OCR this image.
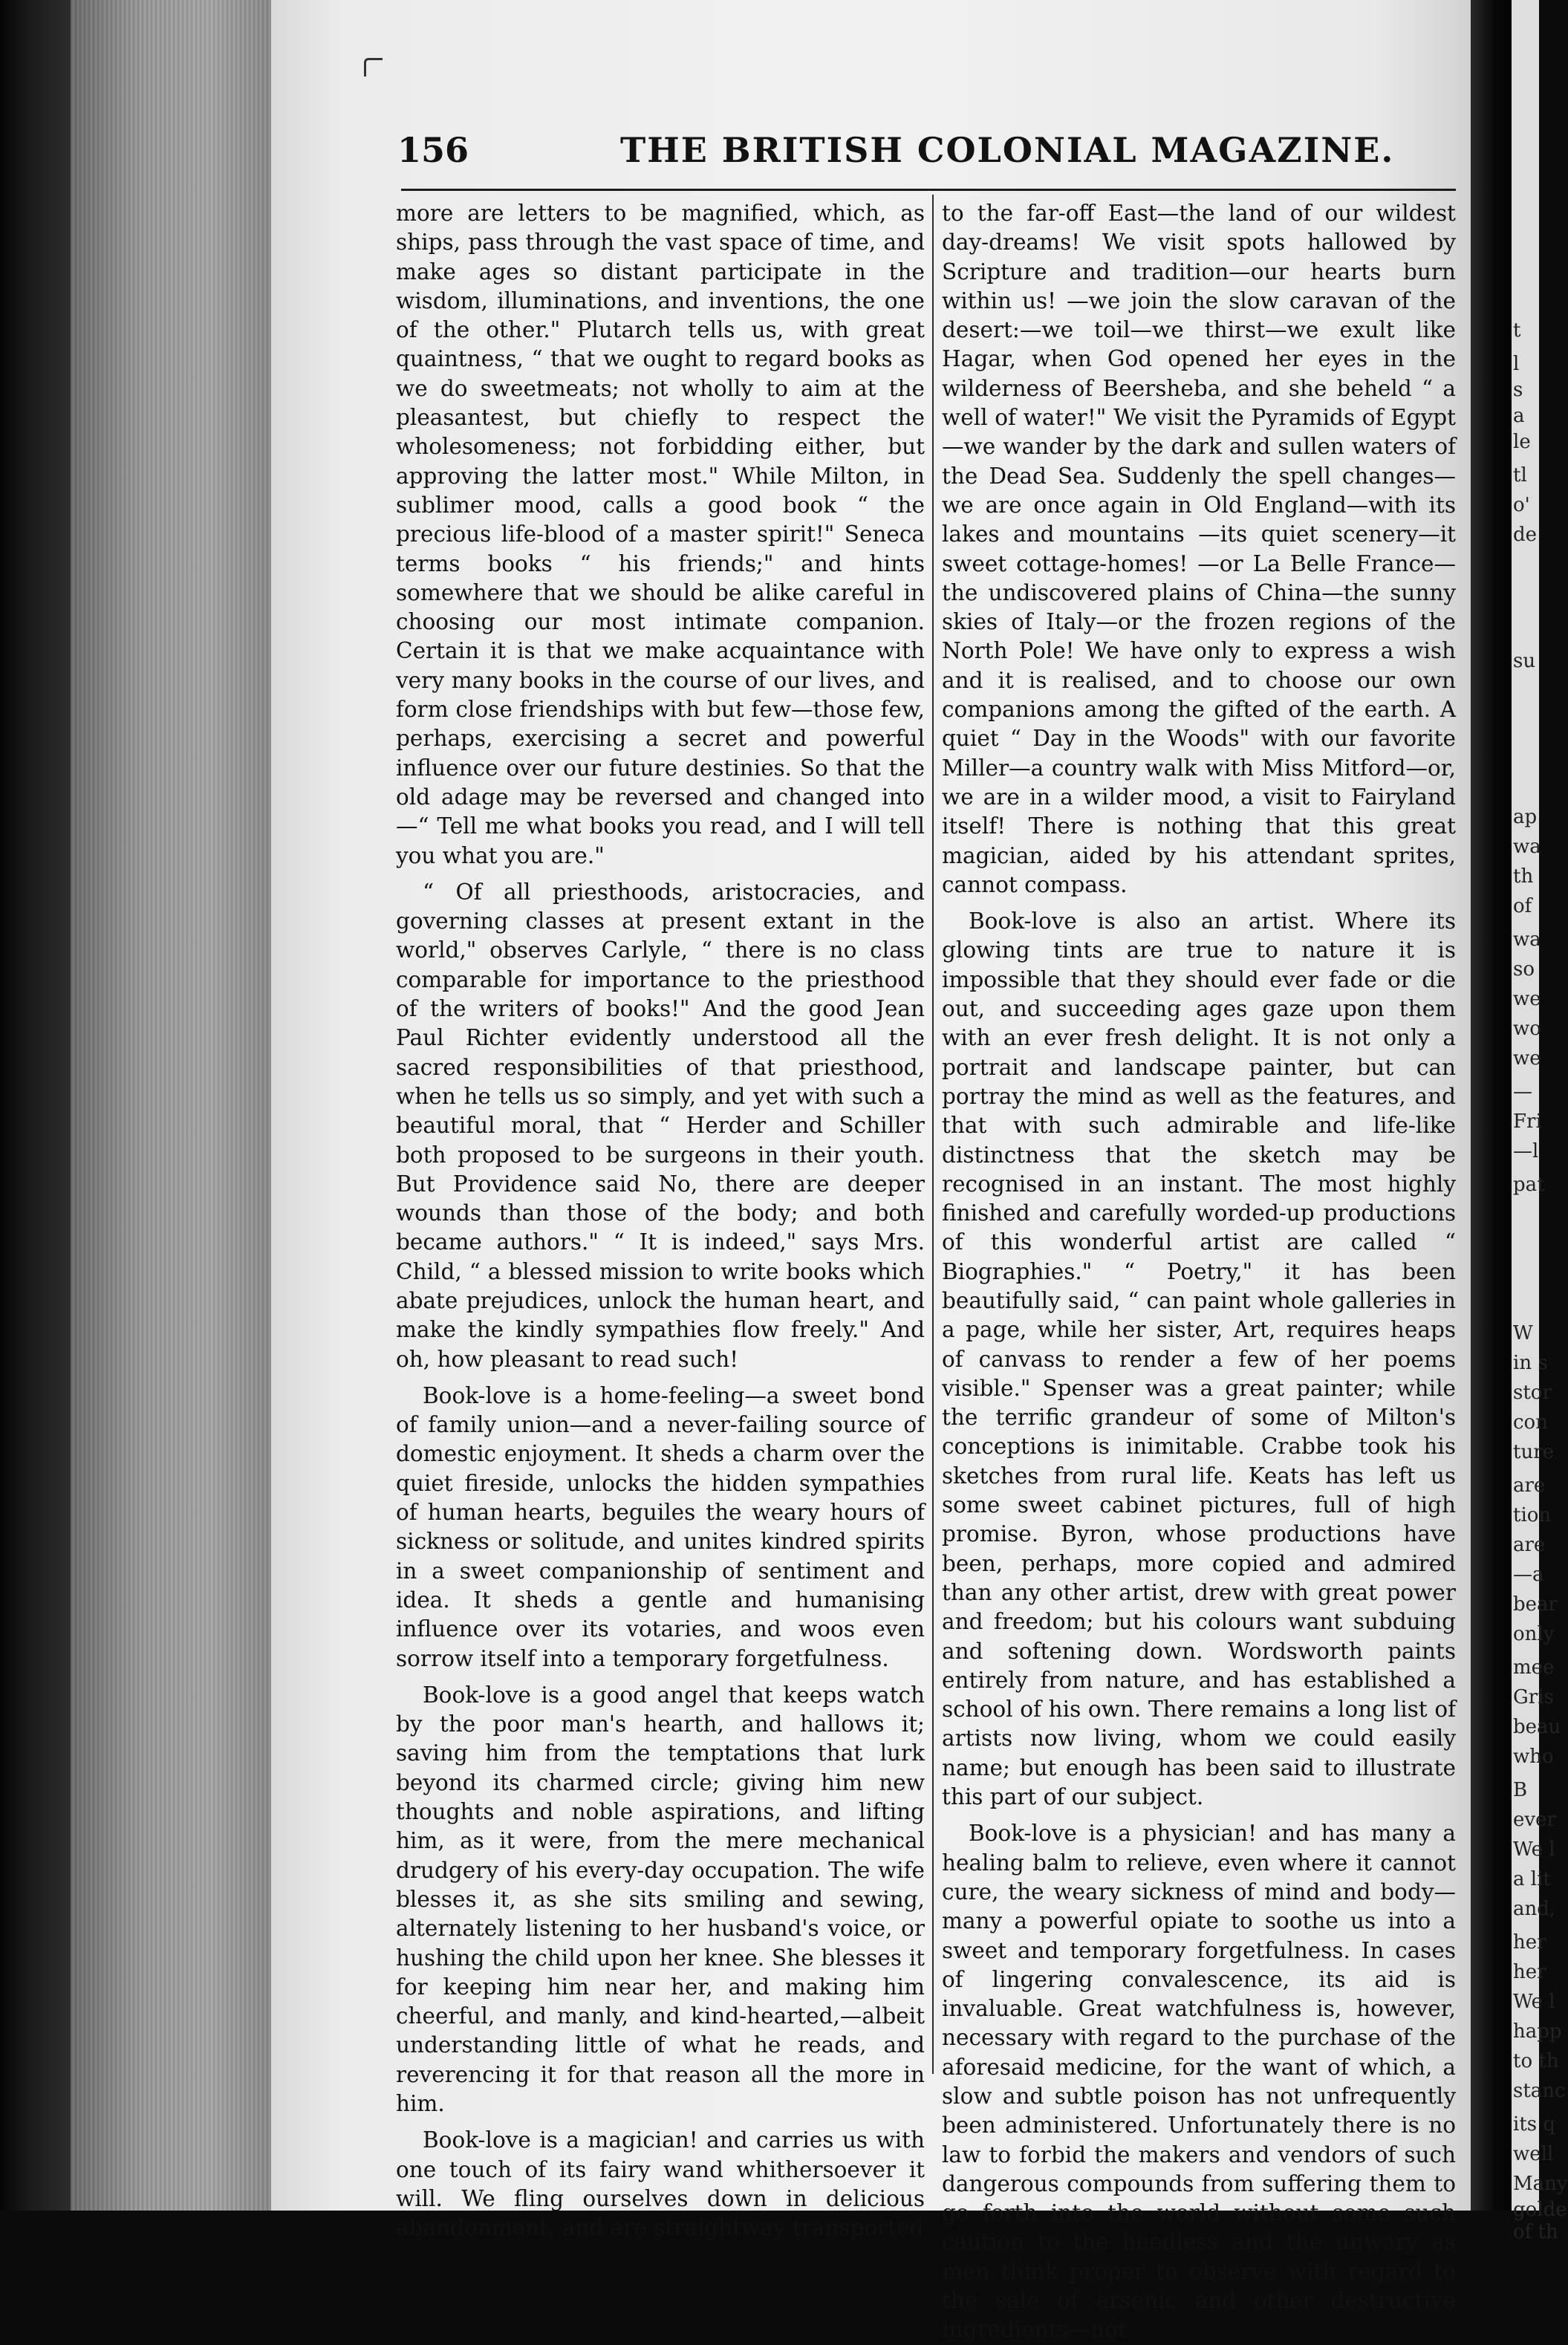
156	THE BRITISH COLONIAL MAGAZINE.

more are letters to be magnified, which, as ships, pass through the vast space of time, and make ages so distant participate in the wisdom, illuminations, and inventions, the one of the other." Plutarch tells us, with great quaintness, “ that we ought to regard books as we do sweetmeats; not wholly to aim at the pleasantest, but chiefly to respect the wholesomeness; not forbidding either, but approving the latter most." While Milton, in sublimer mood, calls a good book “ the precious life-blood of a master spirit!" Seneca terms books “ his friends;" and hints somewhere that we should be alike careful in choosing our most intimate companion. Certain it is that we make acquaintance with very many books in the course of our lives, and form close friendships with but few—those few, perhaps, exercising a secret and powerful influence over our future destinies. So that the old adage may be reversed and changed into—“ Tell me what books you read, and I will tell you what you are."

“ Of all priesthoods, aristocracies, and governing classes at present extant in the world," observes Carlyle, “ there is no class comparable for importance to the priesthood of the writers of books!" And the good Jean Paul Richter evidently understood all the sacred responsibilities of that priesthood, when he tells us so simply, and yet with such a beautiful moral, that “ Herder and Schiller both proposed to be surgeons in their youth. But Providence said No, there are deeper wounds than those of the body; and both became authors." “ It is indeed," says Mrs. Child, “ a blessed mission to write books which abate prejudices, unlock the human heart, and make the kindly sympathies flow freely." And oh, how pleasant to read such!

Book-love is a home-feeling—a sweet bond of family union—and a never-failing source of domestic enjoyment. It sheds a charm over the quiet fireside, unlocks the hidden sympathies of human hearts, beguiles the weary hours of sickness or solitude, and unites kindred spirits in a sweet companionship of sentiment and idea. It sheds a gentle and humanising influence over its votaries, and woos even sorrow itself into a temporary forgetfulness.

Book-love is a good angel that keeps watch by the poor man's hearth, and hallows it; saving him from the temptations that lurk beyond its charmed circle; giving him new thoughts and noble aspirations, and lifting him, as it were, from the mere mechanical drudgery of his every-day occupation. The wife blesses it, as she sits smiling and sewing, alternately listening to her husband's voice, or hushing the child upon her knee. She blesses it for keeping him near her, and making him cheerful, and manly, and kind-hearted,—albeit understanding little of what he reads, and reverencing it for that reason all the more in him.

Book-love is a magician! and carries us with one touch of its fairy wand whithersoever it will. We fling ourselves down in delicious abandonment, and are straightway transported

to the far-off East—the land of our wildest day-dreams! We visit spots hallowed by Scripture and tradition—our hearts burn within us! —we join the slow caravan of the desert:—we toil—we thirst—we exult like Hagar, when God opened her eyes in the wilderness of Beersheba, and she beheld “ a well of water!" We visit the Pyramids of Egypt—we wander by the dark and sullen waters of the Dead Sea. Suddenly the spell changes—we are once again in Old England—with its lakes and mountains —its quiet scenery—it sweet cottage-homes! —or La Belle France—the undiscovered plains of China—the sunny skies of Italy—or the frozen regions of the North Pole! We have only to express a wish and it is realised, and to choose our own companions among the gifted of the earth. A quiet “ Day in the Woods" with our favorite Miller—a country walk with Miss Mitford—or, we are in a wilder mood, a visit to Fairyland itself! There is nothing that this great magician, aided by his attendant sprites, cannot compass.

Book-love is also an artist. Where its glowing tints are true to nature it is impossible that they should ever fade or die out, and succeeding ages gaze upon them with an ever fresh delight. It is not only a portrait and landscape painter, but can portray the mind as well as the features, and that with such admirable and life-like distinctness that the sketch may be recognised in an instant. The most highly finished and carefully worded-up productions of this wonderful artist are called “ Biographies." “ Poetry," it has been beautifully said, “ can paint whole galleries in a page, while her sister, Art, requires heaps of canvass to render a few of her poems visible." Spenser was a great painter; while the terrific grandeur of some of Milton's conceptions is inimitable. Crabbe took his sketches from rural life. Keats has left us some sweet cabinet pictures, full of high promise. Byron, whose productions have been, perhaps, more copied and admired than any other artist, drew with great power and freedom; but his colours want subduing and softening down. Wordsworth paints entirely from nature, and has established a school of his own. There remains a long list of artists now living, whom we could easily name; but enough has been said to illustrate this part of our subject.

Book-love is a physician! and has many a healing balm to relieve, even where it cannot cure, the weary sickness of mind and body—many a powerful opiate to soothe us into a sweet and temporary forgetfulness. In cases of lingering convalescence, its aid is invaluable. Great watchfulness is, however, necessary with regard to the purchase of the aforesaid medicine, for the want of which, a slow and subtle poison has not unfrequently been administered. Unfortunately there is no law to forbid the makers and vendors of such dangerous compounds from suffering them to go forth into the world without some such caution to the heedless and the unwary as men think proper to observe with regard to the sale of arsenic and other destructive ingredients—not

t
l
s
a
le
tl
o'
de
su
ap
wa
th
of
wa
so
we
wo
we
—
Fri
—l
pat
W
in s
stor
con
ture
are
tion
are
—a
bear
only
mee
Gris
beau
who
B
ever
We l
a lit
and,
her
her
We l
happ
to th
stanc
its q
well
Many
golde
of th
